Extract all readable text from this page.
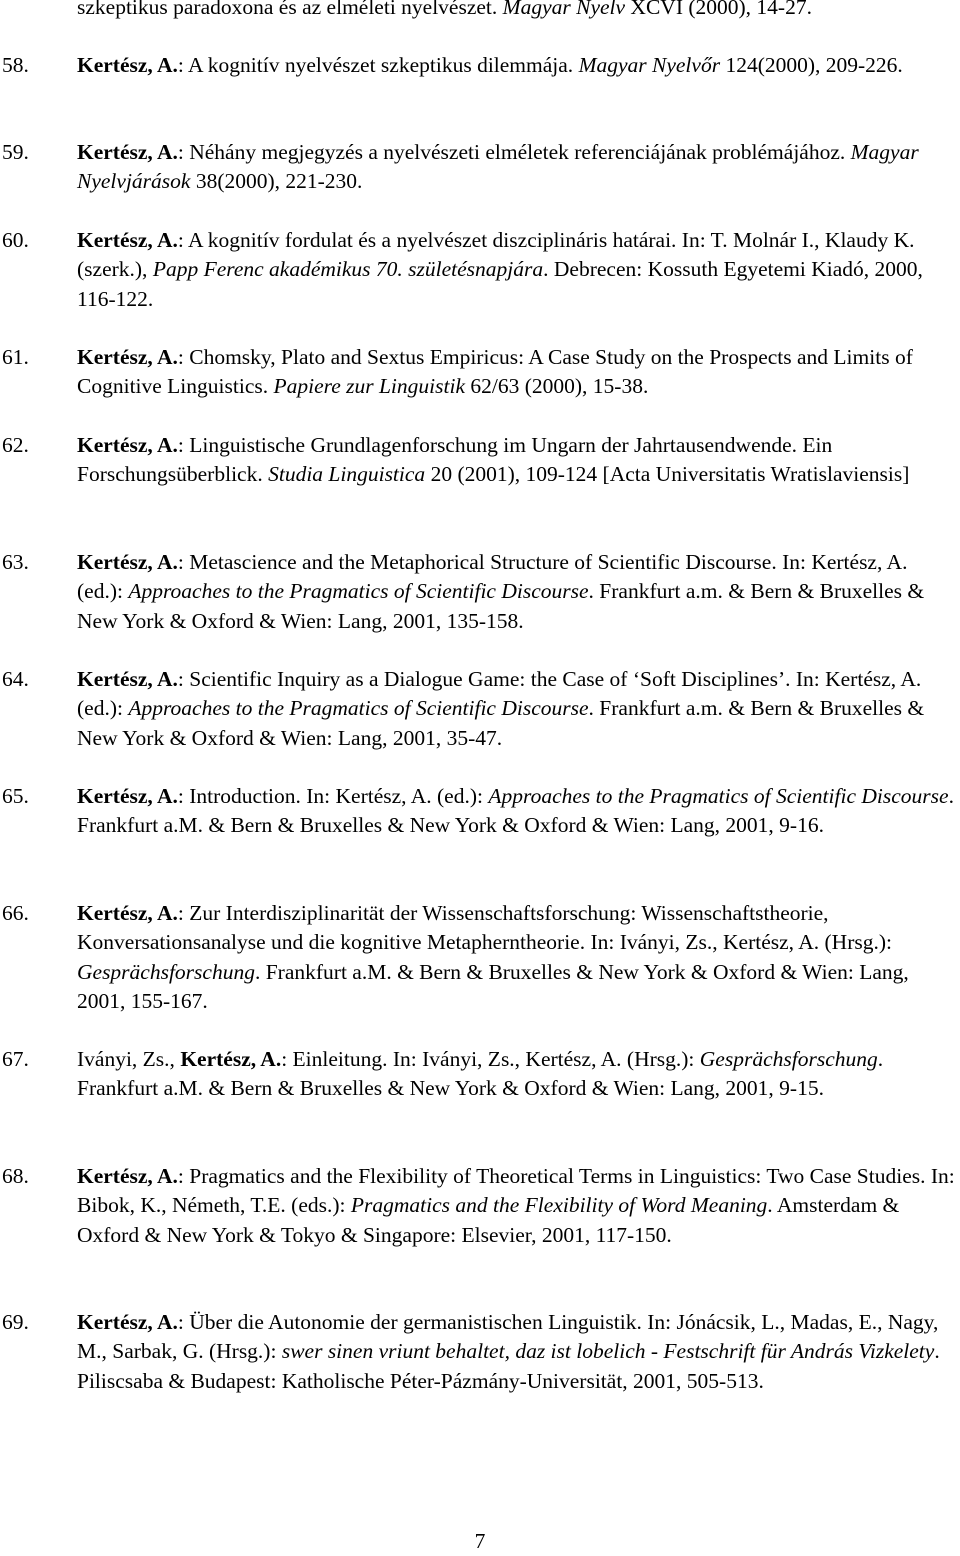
szkeptikus paradoxona és az elméleti nyelvészet. Magyar Nyelv XCVI (2000), 14-27.
58. Kertész, A.: A kognitív nyelvészet szkeptikus dilemmája. Magyar Nyelvőr 124(2000), 209-226.
59. Kertész, A.: Néhány megjegyzés a nyelvészeti elméletek referenciájának problémájához. Magyar Nyelvjárások 38(2000), 221-230.
60. Kertész, A.: A kognitív fordulat és a nyelvészet diszciplináris határai. In: T. Molnár I., Klaudy K. (szerk.), Papp Ferenc akadémikus 70. születésnapjára. Debrecen: Kossuth Egyetemi Kiadó, 2000, 116-122.
61. Kertész, A.: Chomsky, Plato and Sextus Empiricus: A Case Study on the Prospects and Limits of Cognitive Linguistics. Papiere zur Linguistik 62/63 (2000), 15-38.
62. Kertész, A.: Linguistische Grundlagenforschung im Ungarn der Jahrtausendwende. Ein Forschungsüberblick. Studia Linguistica 20 (2001), 109-124 [Acta Universitatis Wratislaviensis]
63. Kertész, A.: Metascience and the Metaphorical Structure of Scientific Discourse. In: Kertész, A. (ed.): Approaches to the Pragmatics of Scientific Discourse. Frankfurt a.m. & Bern & Bruxelles & New York & Oxford & Wien: Lang, 2001, 135-158.
64. Kertész, A.: Scientific Inquiry as a Dialogue Game: the Case of ‘Soft Disciplines’. In: Kertész, A. (ed.): Approaches to the Pragmatics of Scientific Discourse. Frankfurt a.m. & Bern & Bruxelles & New York & Oxford & Wien: Lang, 2001, 35-47.
65. Kertész, A.: Introduction. In: Kertész, A. (ed.): Approaches to the Pragmatics of Scientific Discourse. Frankfurt a.M. & Bern & Bruxelles & New York & Oxford & Wien: Lang, 2001, 9-16.
66. Kertész, A.: Zur Interdisziplinarität der Wissenschaftsforschung: Wissenschaftstheorie, Konversationsanalyse und die kognitive Metapherntheorie. In: Iványi, Zs., Kertész, A. (Hrsg.): Gesprächsforschung. Frankfurt a.M. & Bern & Bruxelles & New York & Oxford & Wien: Lang, 2001, 155-167.
67. Iványi, Zs., Kertész, A.: Einleitung. In: Iványi, Zs., Kertész, A. (Hrsg.): Gesprächsforschung. Frankfurt a.M. & Bern & Bruxelles & New York & Oxford & Wien: Lang, 2001, 9-15.
68. Kertész, A.: Pragmatics and the Flexibility of Theoretical Terms in Linguistics: Two Case Studies. In: Bibok, K., Németh, T.E. (eds.): Pragmatics and the Flexibility of Word Meaning. Amsterdam & Oxford & New York & Tokyo & Singapore: Elsevier, 2001, 117-150.
69. Kertész, A.: Über die Autonomie der germanistischen Linguistik. In: Jónácsik, L., Madas, E., Nagy, M., Sarbak, G. (Hrsg.): swer sinen vriunt behaltet, daz ist lobelich - Festschrift für András Vizkelety. Piliscsaba & Budapest: Katholische Péter-Pázmány-Universität, 2001, 505-513.
7
